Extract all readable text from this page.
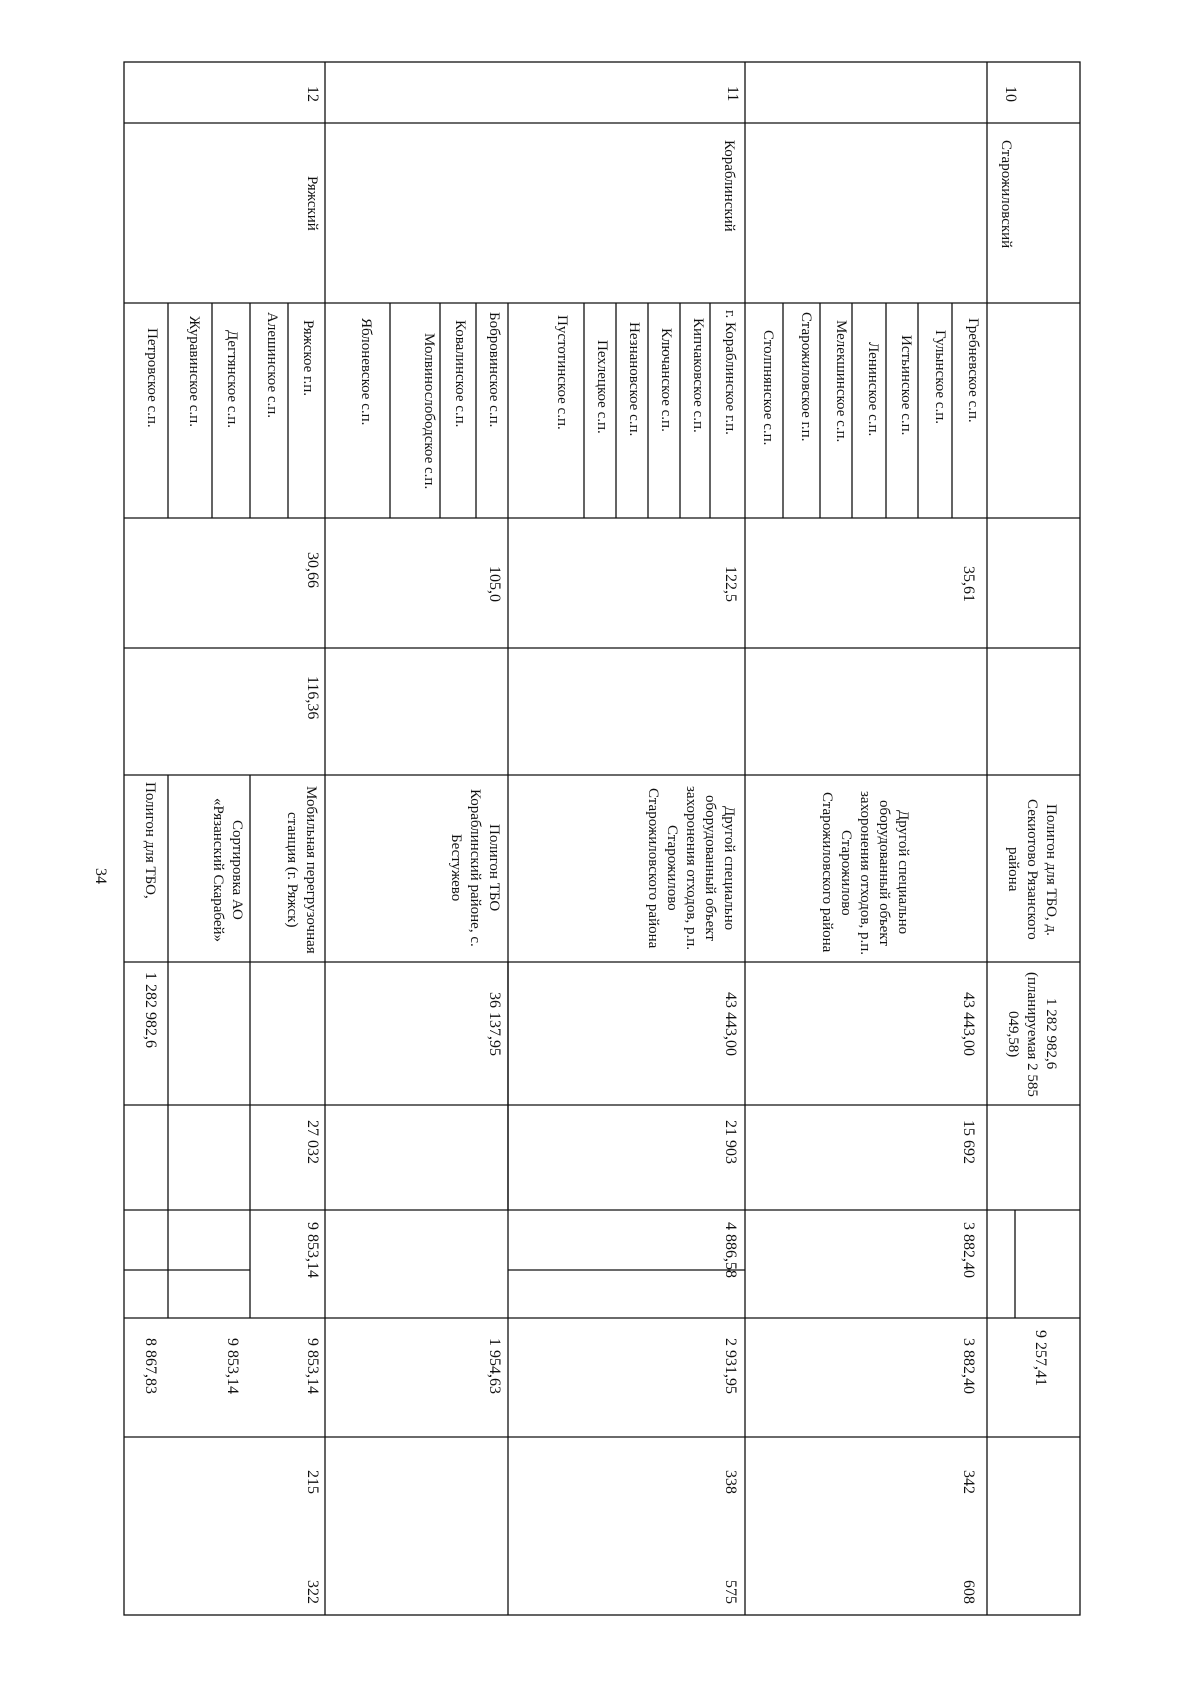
34
10
Старожиловский
Гребневское с.п.
Гулынское с.п.
Истьинское с.п.
Ленинское с.п.
Мелекшинское с.п.
Старожиловское г.п.
Столпнянское с.п.
35,61
Полигон для ТБО, д. Секиотово Рязанского района
1 282 982,6 (планируемая 2 585 049,58)
9 257,41
Другой специально оборудованный объект захоронения отходов, р.п. Старожилово Старожиловского района
43 443,00
15 692
3 882,40
3 882,40
342
608
11
Кораблинский
г. Кораблинское г.п.
Кипчаковское с.п.
Ключанское с.п.
Незнановское с.п.
Пехлецкое с.п.
Пустотинское с.п.
Бобровинское с.п.
Ковалинское с.п.
Молвинослободское с.п.
Яблоневское с.п.
122,5
105,0
Другой специально оборудованный объект захоронения отходов, р.п. Старожилово Старожиловского района
Полигон ТБО Кораблинский районе, с. Бестужево
43 443,00
36 137,95
21 903
4 886,58
2 931,95
1 954,63
338
575
12
Ряжский
Ряжское г.п.
Алешинское с.п.
Дегтянское с.п.
Журавинское с.п.
Петровское с.п.
30,66
116,36
Мобильная перегрузочная станция (г. Ряжск)
Сортировка АО «Рязанский Скарабей»
Полигон для ТБО,
1 282 982,6
27 032
9 853,14
9 853,14
9 853,14
8 867,83
215
322
